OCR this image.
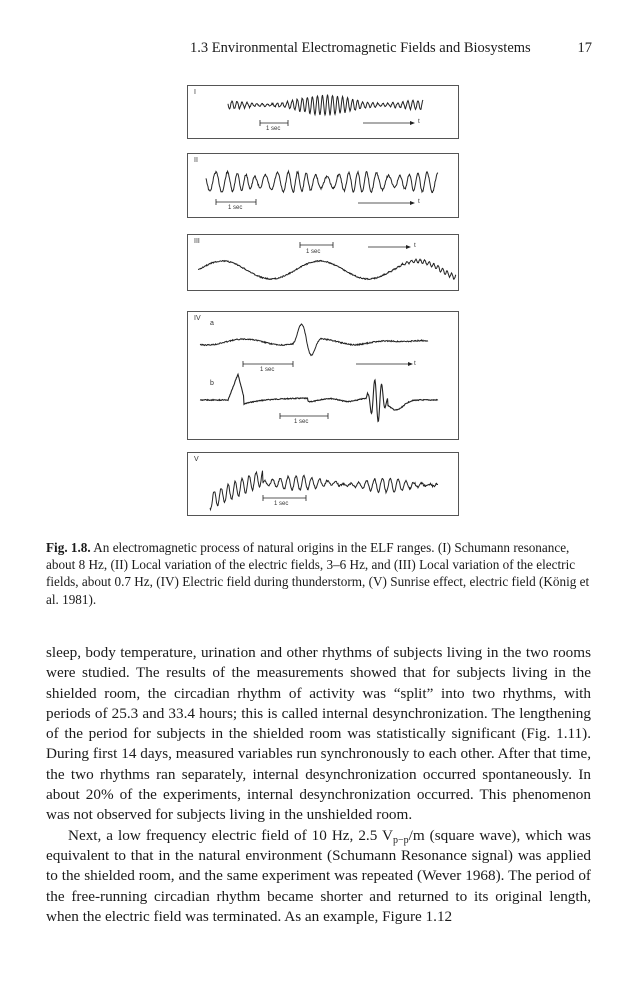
1.3 Environmental Electromagnetic Fields and Biosystems	17
I
1 sec
t
II
1 sec
t
III
1 sec
t
IV
a
b
1 sec
t
1 sec
V
1 sec
Fig. 1.8. An electromagnetic process of natural origins in the ELF ranges. (I) Schumann resonance, about 8 Hz, (II) Local variation of the electric fields, 3–6 Hz, and (III) Local variation of the electric fields, about 0.7 Hz, (IV) Electric field during thunderstorm, (V) Sunrise effect, electric field (König et al. 1981).

sleep, body temperature, urination and other rhythms of subjects living in the two rooms were studied. The results of the measurements showed that for subjects living in the shielded room, the circadian rhythm of activity was “split” into two rhythms, with periods of 25.3 and 33.4 hours; this is called internal desynchronization. The lengthening of the period for subjects in the shielded room was statistically significant (Fig. 1.11). During first 14 days, measured variables run synchronously to each other. After that time, the two rhythms ran separately, internal desynchronization occurred spontaneously. In about 20% of the experiments, internal desynchronization occurred. This phenomenon was not observed for subjects living in the unshielded room.

Next, a low frequency electric field of 10 Hz, 2.5 $V_{p-p}/m$ (square wave), which was equivalent to that in the natural environment (Schumann Resonance signal) was applied to the shielded room, and the same experiment was repeated (Wever 1968). The period of the free-running circadian rhythm became shorter and returned to its original length, when the electric field was terminated. As an example, Figure 1.12
